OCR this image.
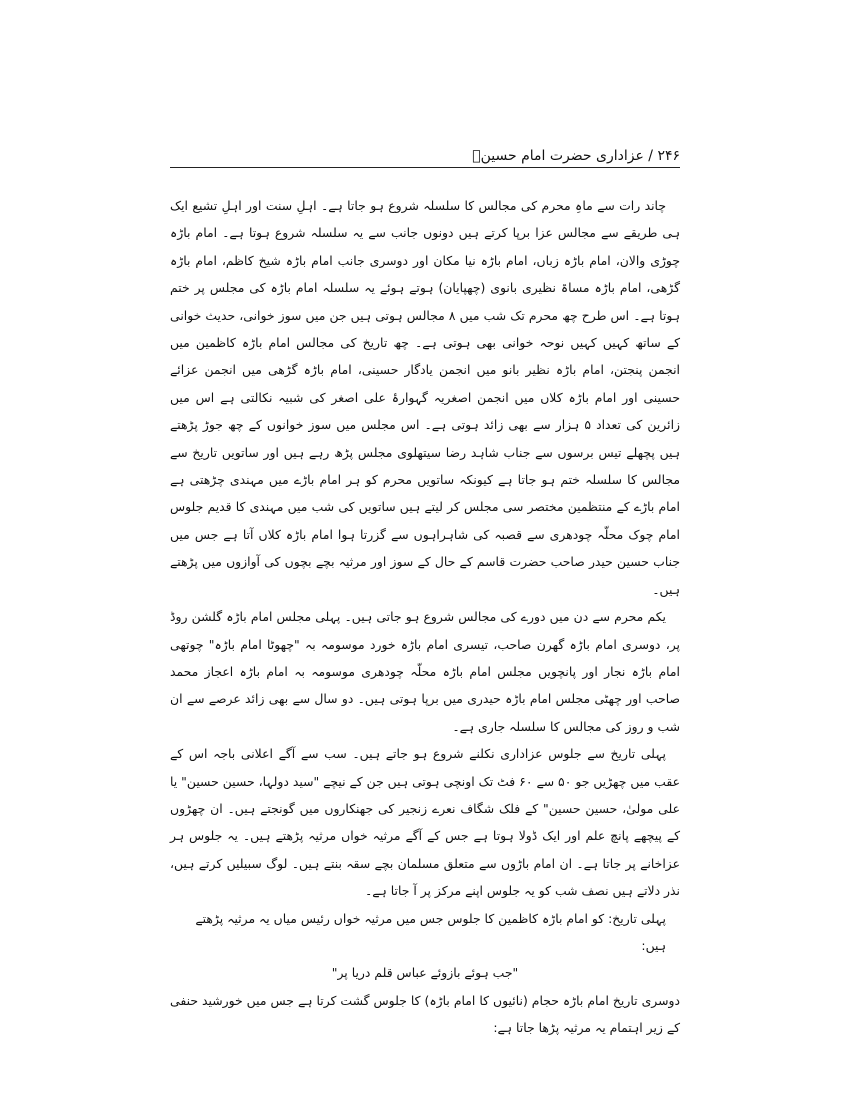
۲۴۶ / عزاداری حضرت امام حسینؑ

چاند رات سے ماہِ محرم کی مجالس کا سلسلہ شروع ہو جاتا ہے۔ اہلِ سنت اور اہلِ تشیع ایک ہی طریقے سے مجالس عزا برپا کرتے ہیں دونوں جانب سے یہ سلسلہ شروع ہوتا ہے۔ امام باڑہ چوڑی والان، امام باڑہ زباں، امام باڑہ نیا مکان اور دوسری جانب امام باڑہ شیخ کاظم، امام باڑہ گڑھی، امام باڑہ مساۃ نظیری بانوی (چھپایان) ہوتے ہوئے یہ سلسلہ امام باڑہ کی مجلس پر ختم ہوتا ہے۔ اس طرح چھ محرم تک شب میں ۸ مجالس ہوتی ہیں جن میں سوز خوانی، حدیث خوانی کے ساتھ کہیں کہیں نوحہ خوانی بھی ہوتی ہے۔ چھ تاریخ کی مجالس امام باڑہ کاظمین میں انجمن پنجتن، امام باڑہ نظیر بانو میں انجمن یادگار حسینی، امام باڑہ گڑھی میں انجمن عزائے حسینی اور امام باڑہ کلاں میں انجمن اصغریہ گہوارۂ علی اصغر کی شبیہ نکالتی ہے اس میں زائرین کی تعداد ۵ ہزار سے بھی زائد ہوتی ہے۔ اس مجلس میں سوز خوانوں کے چھ جوڑ پڑھتے ہیں پچھلے تیس برسوں سے جناب شاہد رضا سیتھلوی مجلس پڑھ رہے ہیں اور ساتویں تاریخ سے مجالس کا سلسلہ ختم ہو جاتا ہے کیونکہ ساتویں محرم کو ہر امام باڑے میں مہندی چڑھتی ہے امام باڑے کے منتظمین مختصر سی مجلس کر لیتے ہیں ساتویں کی شب میں مہندی کا قدیم جلوس امام چوک محلّہ چودھری سے قصبہ کی شاہراہوں سے گزرتا ہوا امام باڑہ کلاں آتا ہے جس میں جناب حسین حیدر صاحب حضرت قاسم کے حال کے سوز اور مرثیہ بچے بچوں کی آوازوں میں پڑھتے ہیں۔

یکم محرم سے دن میں دورے کی مجالس شروع ہو جاتی ہیں۔ پہلی مجلس امام باڑہ گلشن روڈ پر، دوسری امام باڑہ گھرن صاحب، تیسری امام باڑہ خورد موسومہ بہ "چھوٹا امام باڑہ" چوتھی امام باڑہ نجار اور پانچویں مجلس امام باڑہ محلّہ چودھری موسومہ بہ امام باڑہ اعجاز محمد صاحب اور چھٹی مجلس امام باڑہ حیدری میں برپا ہوتی ہیں۔ دو سال سے بھی زائد عرصے سے ان شب و روز کی مجالس کا سلسلہ جاری ہے۔

پہلی تاریخ سے جلوس عزاداری نکلنے شروع ہو جاتے ہیں۔ سب سے آگے اعلانی باجہ اس کے عقب میں چھڑیں جو ۵۰ سے ۶۰ فٹ تک اونچی ہوتی ہیں جن کے نیچے "سید دولہا، حسین حسین" یا علی مولیٰ، حسین حسین" کے فلک شگاف نعرے زنجیر کی جھنکاروں میں گونجتے ہیں۔ ان چھڑوں کے پیچھے پانچ علم اور ایک ڈولا ہوتا ہے جس کے آگے مرثیہ خواں مرثیہ پڑھتے ہیں۔ یہ جلوس ہر عزاخانے پر جاتا ہے۔ ان امام باڑوں سے متعلق مسلمان بچے سقہ بنتے ہیں۔ لوگ سبیلیں کرتے ہیں، نذر دلاتے ہیں نصف شب کو یہ جلوس اپنے مرکز پر آ جاتا ہے۔

پہلی تاریخ: کو امام باڑہ کاظمین کا جلوس جس میں مرثیہ خواں رئیس میاں یہ مرثیہ پڑھتے ہیں:

"جب ہوئے بازوئے عباس قلم دریا پر"

دوسری تاریخ امام باڑہ حجام (نائیوں کا امام باڑہ) کا جلوس گشت کرتا ہے جس میں خورشید حنفی کے زیر اہتمام یہ مرثیہ پڑھا جاتا ہے:
